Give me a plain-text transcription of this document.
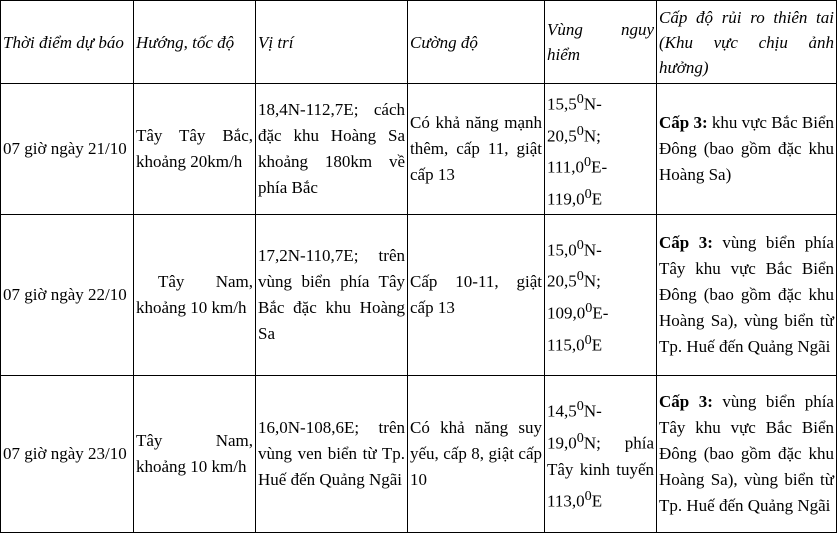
Thời điểm dự báo	Hướng, tốc độ	Vị trí	Cường độ	Vùng nguy hiểm	Cấp độ rủi ro thiên tai (Khu vực chịu ảnh hưởng)
07 giờ ngày 21/10	Tây Tây Bắc, khoảng 20km/h	18,4N-112,7E; cách đặc khu Hoàng Sa khoảng 180km về phía Bắc	Có khả năng mạnh thêm, cấp 11, giật cấp 13	15,5$^0$N-20,5$^0$N; 111,0$^0$E-119,0$^0$E	Cấp 3: khu vực Bắc Biển Đông (bao gồm đặc khu Hoàng Sa)
07 giờ ngày 22/10	Tây Nam, khoảng 10 km/h	17,2N-110,7E; trên vùng biển phía Tây Bắc đặc khu Hoàng Sa	Cấp 10-11, giật cấp 13	15,0$^0$N-20,5$^0$N; 109,0$^0$E-115,0$^0$E	Cấp 3: vùng biển phía Tây khu vực Bắc Biển Đông (bao gồm đặc khu Hoàng Sa), vùng biển từ Tp. Huế đến Quảng Ngãi
07 giờ ngày 23/10	Tây Nam, khoảng 10 km/h	16,0N-108,6E; trên vùng ven biển từ Tp. Huế đến Quảng Ngãi	Có khả năng suy yếu, cấp 8, giật cấp 10	14,5$^0$N-19,0$^0$N; phía Tây kinh tuyến 113,0$^0$E	Cấp 3: vùng biển phía Tây khu vực Bắc Biển Đông (bao gồm đặc khu Hoàng Sa), vùng biển từ Tp. Huế đến Quảng Ngãi
